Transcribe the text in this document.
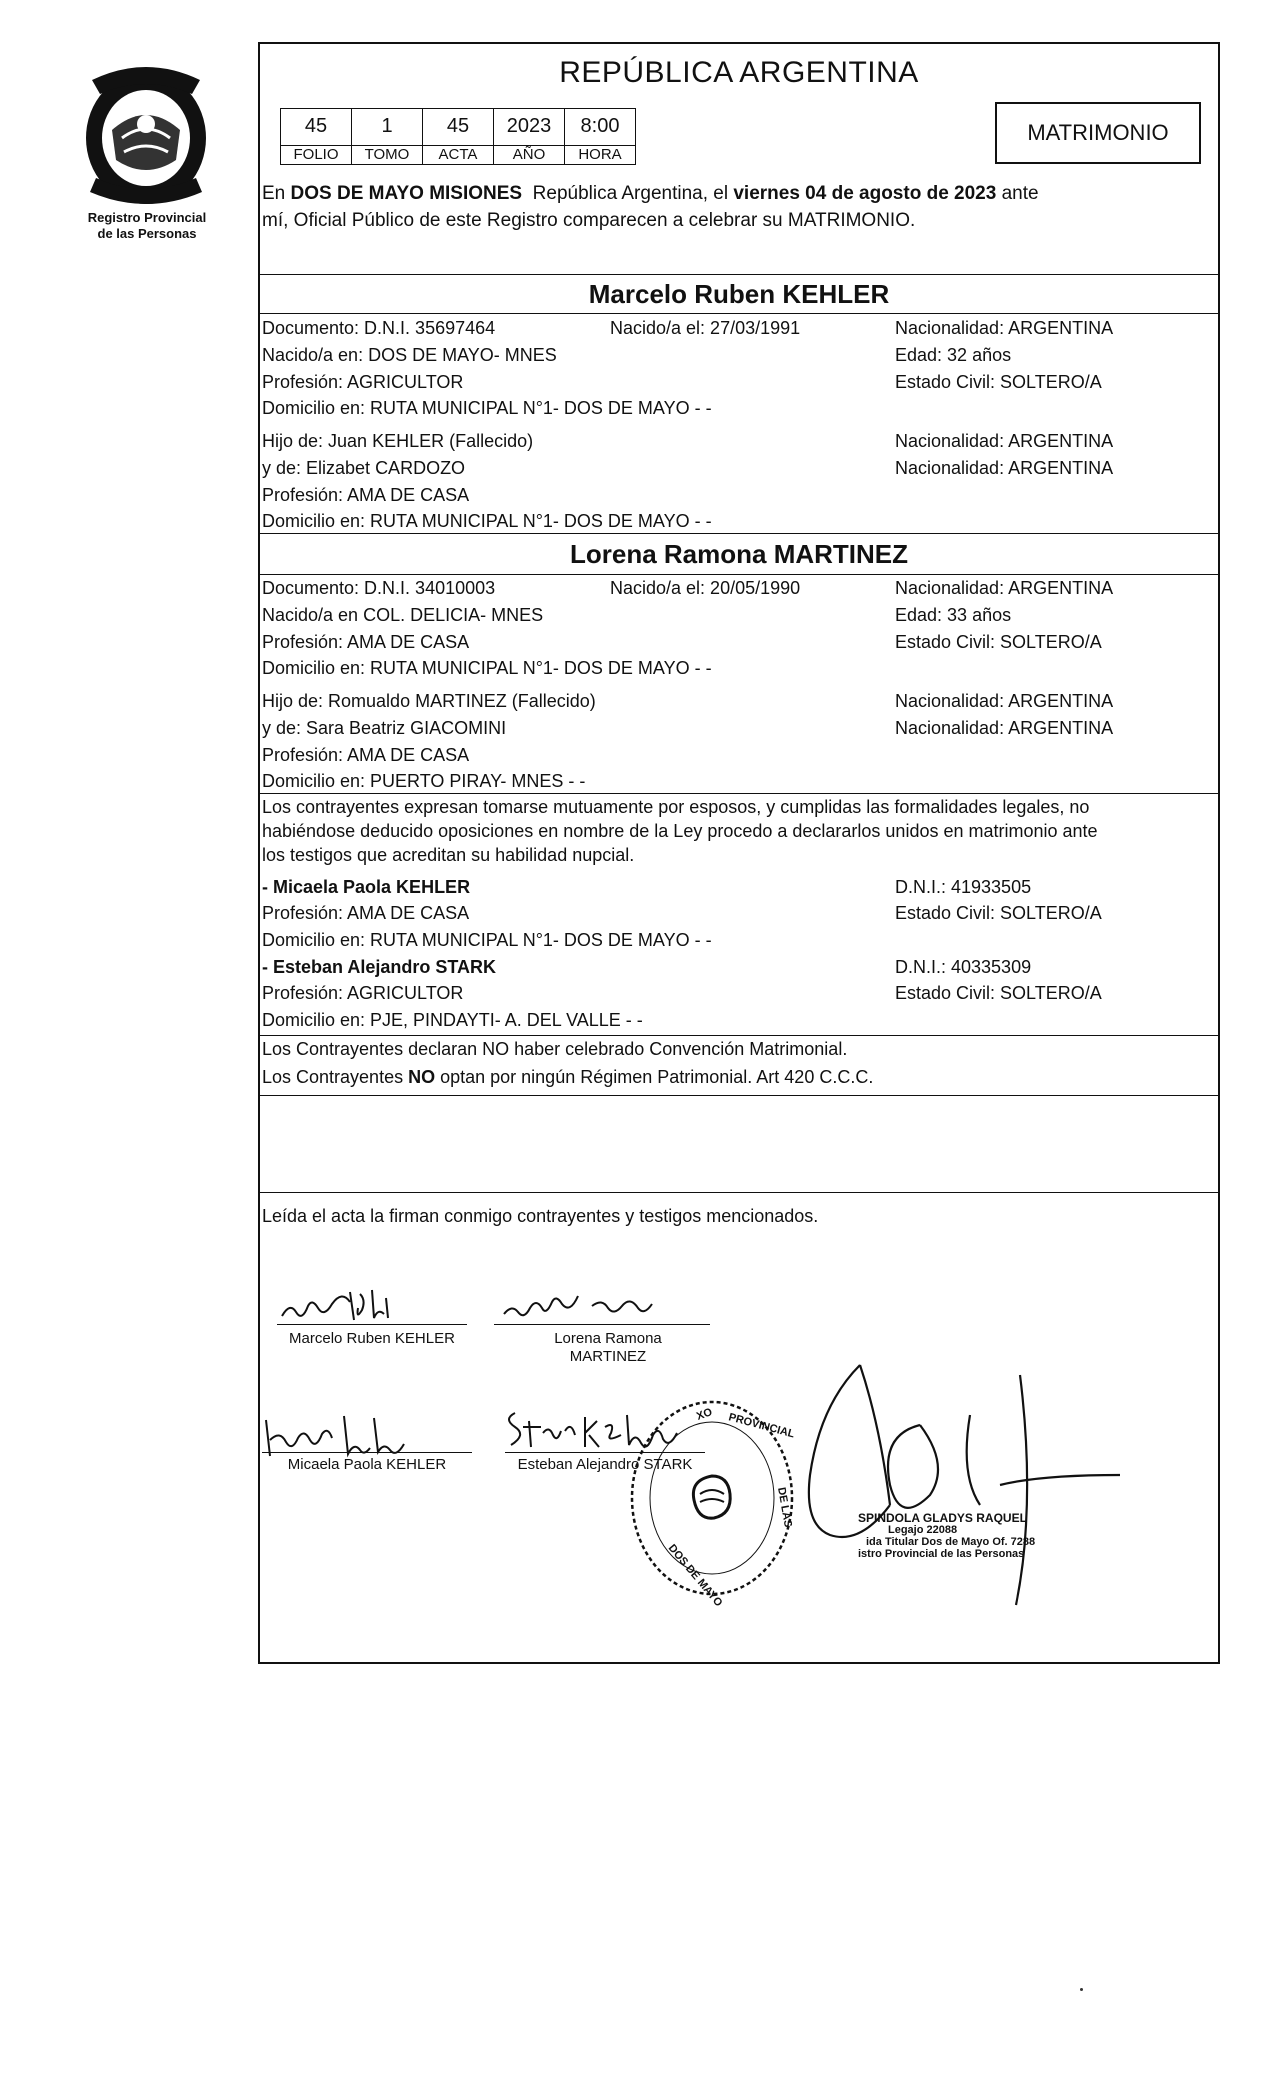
Registro Provincial
de las Personas
REPÚBLICA ARGENTINA
45	1	45	2023	8:00
FOLIO	TOMO	ACTA	AÑO	HORA
MATRIMONIO
En DOS DE MAYO MISIONES  República Argentina, el viernes 04 de agosto de 2023 ante
mí, Oficial Público de este Registro comparecen a celebrar su MATRIMONIO.
Marcelo Ruben KEHLER
Documento: D.N.I. 35697464	Nacido/a el: 27/03/1991	Nacionalidad: ARGENTINA
Nacido/a en: DOS DE MAYO- MNES	Edad: 32 años
Profesión: AGRICULTOR	Estado Civil: SOLTERO/A
Domicilio en: RUTA MUNICIPAL N°1- DOS DE MAYO - -
Hijo de: Juan KEHLER (Fallecido)	Nacionalidad: ARGENTINA
y de: Elizabet CARDOZO	Nacionalidad: ARGENTINA
Profesión: AMA DE CASA
Domicilio en: RUTA MUNICIPAL N°1- DOS DE MAYO - -
Lorena Ramona MARTINEZ
Documento: D.N.I. 34010003	Nacido/a el: 20/05/1990	Nacionalidad: ARGENTINA
Nacido/a en COL. DELICIA- MNES	Edad: 33 años
Profesión: AMA DE CASA	Estado Civil: SOLTERO/A
Domicilio en: RUTA MUNICIPAL N°1- DOS DE MAYO - -
Hijo de: Romualdo MARTINEZ (Fallecido)	Nacionalidad: ARGENTINA
y de: Sara Beatriz GIACOMINI	Nacionalidad: ARGENTINA
Profesión: AMA DE CASA
Domicilio en: PUERTO PIRAY- MNES - -
Los contrayentes expresan tomarse mutuamente por esposos, y cumplidas las formalidades legales, no
habiéndose deducido oposiciones en nombre de la Ley procedo a declararlos unidos en matrimonio ante
los testigos que acreditan su habilidad nupcial.
- Micaela Paola KEHLER	D.N.I.: 41933505
Profesión: AMA DE CASA	Estado Civil: SOLTERO/A
Domicilio en: RUTA MUNICIPAL N°1- DOS DE MAYO - -
- Esteban Alejandro STARK	D.N.I.: 40335309
Profesión: AGRICULTOR	Estado Civil: SOLTERO/A
Domicilio en: PJE, PINDAYTI- A. DEL VALLE - -
Los Contrayentes declaran NO haber celebrado Convención Matrimonial.
Los Contrayentes NO optan por ningún Régimen Patrimonial. Art 420 C.C.C.
Leída el acta la firman conmigo contrayentes y testigos mencionados.
Marcelo Ruben KEHLER	Lorena Ramona
MARTINEZ
Micaela Paola KEHLER	Esteban Alejandro STARK
XO PROVINCIAL
DE LAS
DOS DE MAYO
SPINDOLA GLADYS RAQUEL
Legajo 22088
ida Titular Dos de Mayo Of. 7288
istro Provincial de las Personas
